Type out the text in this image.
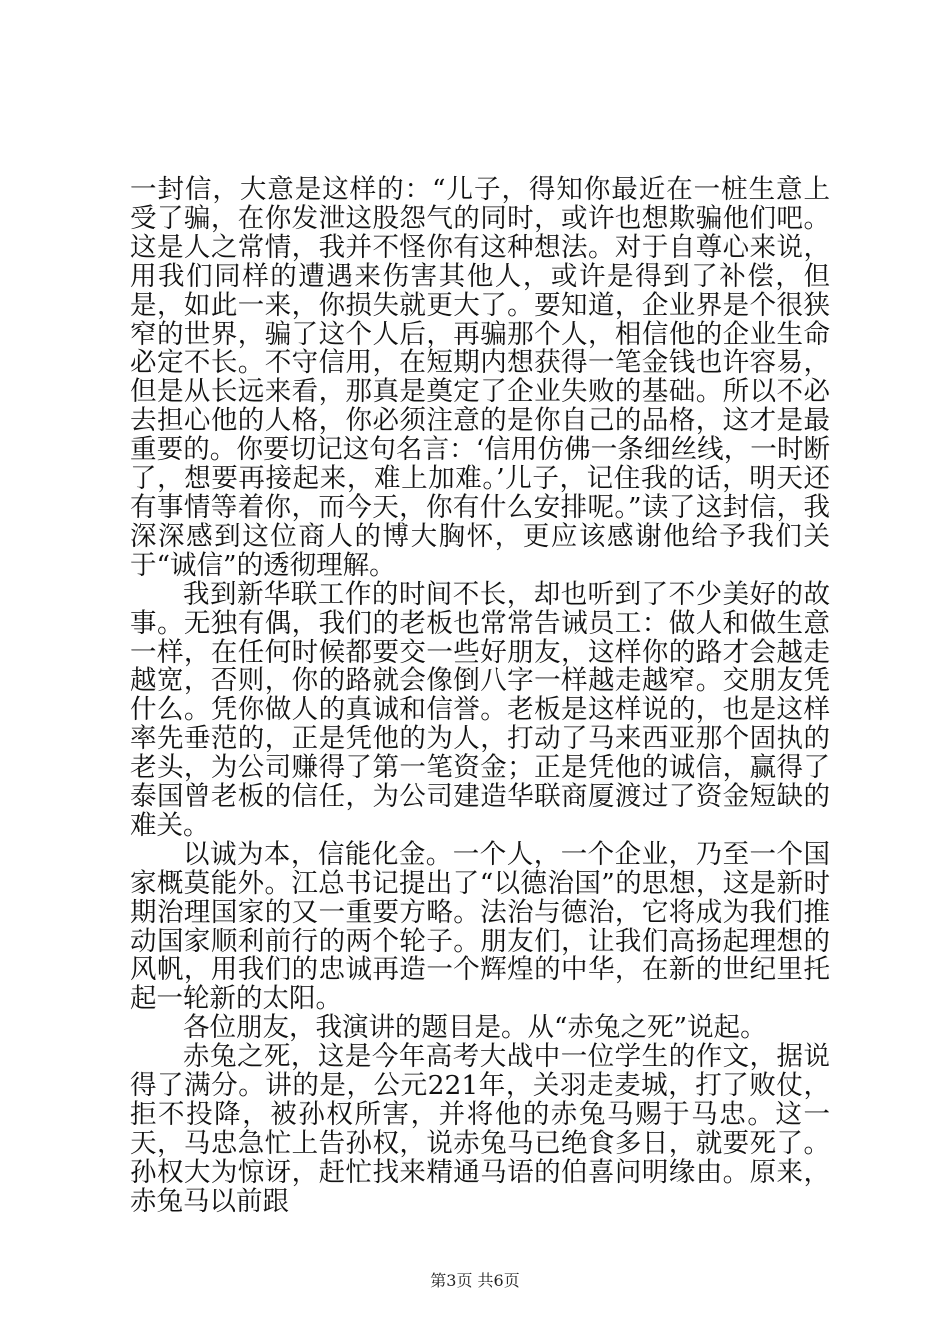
一封信，大意是这样的：“儿子，得知你最近在一桩生意上受了骗，在你发泄这股怨气的同时，或许也想欺骗他们吧。这是人之常情，我并不怪你有这种想法。对于自尊心来说，用我们同样的遭遇来伤害其他人，或许是得到了补偿，但是，如此一来，你损失就更大了。要知道，企业界是个很狭窄的世界，骗了这个人后，再骗那个人，相信他的企业生命必定不长。不守信用，在短期内想获得一笔金钱也许容易，但是从长远来看，那真是奠定了企业失败的基础。所以不必去担心他的人格，你必须注意的是你自己的品格，这才是最重要的。你要切记这句名言：‘信用仿佛一条细丝线，一时断了，想要再接起来，难上加难。’儿子，记住我的话，明天还有事情等着你，而今天，你有什么安排呢。”读了这封信，我深深感到这位商人的博大胸怀，更应该感谢他给予我们关于“诚信”的透彻理解。

我到新华联工作的时间不长，却也听到了不少美好的故事。无独有偶，我们的老板也常常告诫员工：做人和做生意一样，在任何时候都要交一些好朋友，这样你的路才会越走越宽，否则，你的路就会像倒八字一样越走越窄。交朋友凭什么。凭你做人的真诚和信誉。老板是这样说的，也是这样率先垂范的，正是凭他的为人，打动了马来西亚那个固执的老头，为公司赚得了第一笔资金；正是凭他的诚信，赢得了泰国曾老板的信任，为公司建造华联商厦渡过了资金短缺的难关。

以诚为本，信能化金。一个人，一个企业，乃至一个国家概莫能外。江总书记提出了“以德治国”的思想，这是新时期治理国家的又一重要方略。法治与德治，它将成为我们推动国家顺利前行的两个轮子。朋友们，让我们高扬起理想的风帆，用我们的忠诚再造一个辉煌的中华，在新的世纪里托起一轮新的太阳。

各位朋友，我演讲的题目是。从“赤兔之死”说起。

赤兔之死，这是今年高考大战中一位学生的作文，据说得了满分。讲的是，公元221年，关羽走麦城，打了败仗，拒不投降，被孙权所害，并将他的赤兔马赐于马忠。这一天，马忠急忙上告孙权，说赤兔马已绝食多日，就要死了。孙权大为惊讶，赶忙找来精通马语的伯喜问明缘由。原来，赤兔马以前跟

第3页 共6页
